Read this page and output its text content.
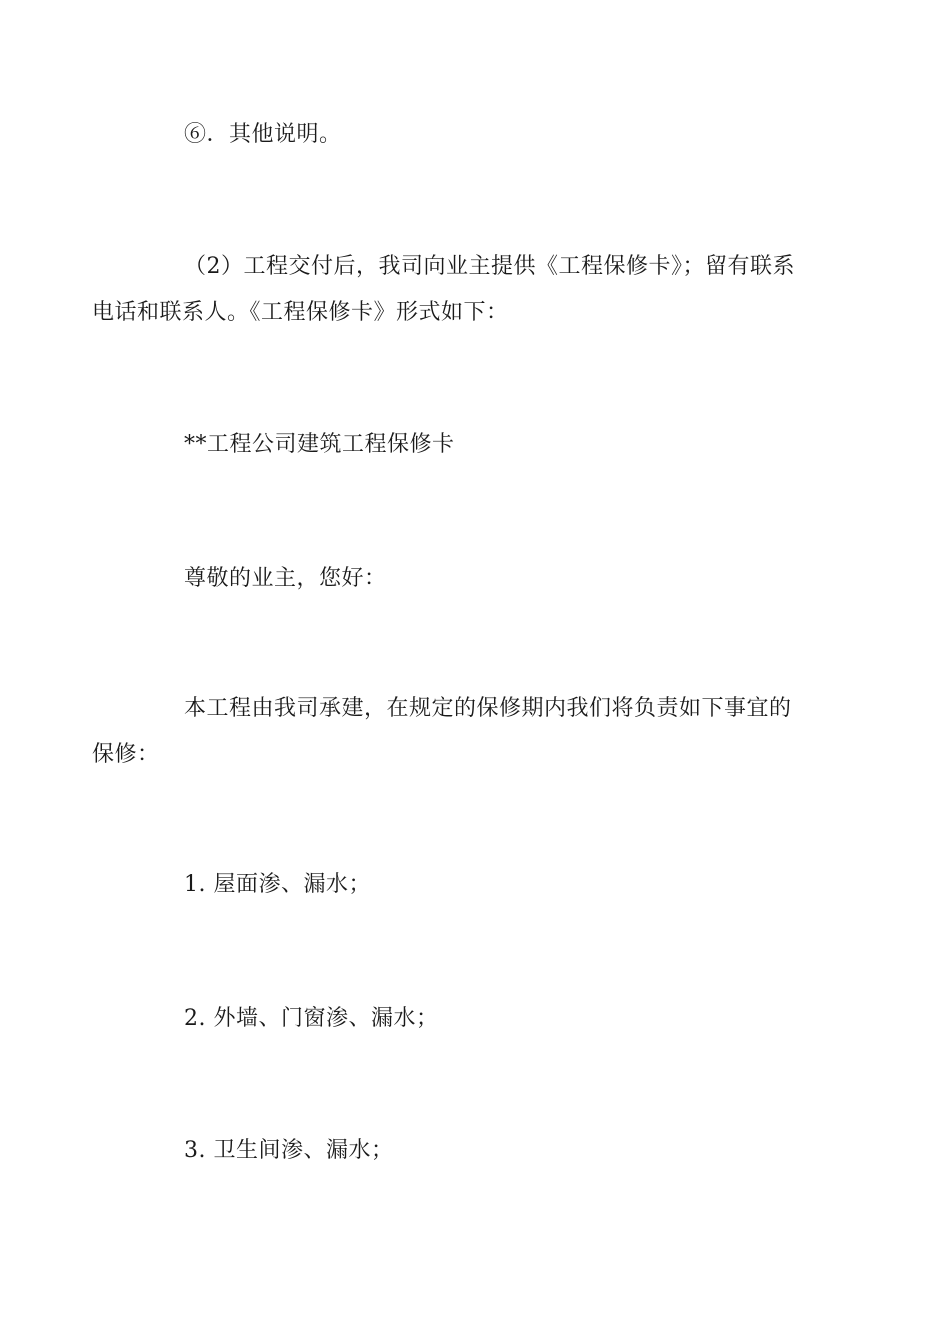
⑥．其他说明。

（2）工程交付后，我司向业主提供《工程保修卡》；留有联系
电话和联系人。《工程保修卡》形式如下：

**工程公司建筑工程保修卡

尊敬的业主，您好：

本工程由我司承建，在规定的保修期内我们将负责如下事宜的
保修：

1. 屋面渗、漏水；

2. 外墙、门窗渗、漏水；

3. 卫生间渗、漏水；
